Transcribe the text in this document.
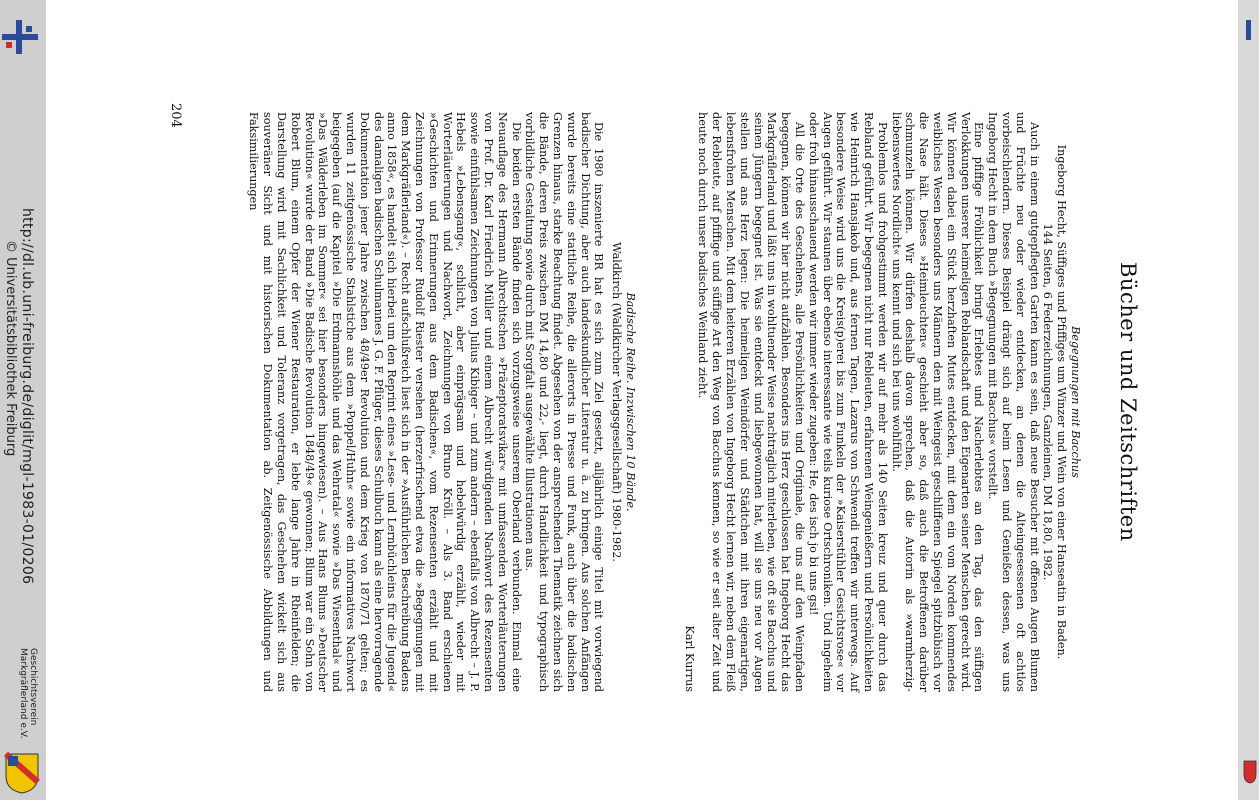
Bücher und Zeitschriften
Begegnungen mit Bacchus
Ingeborg Hecht, Süffiges und Pfiffiges um Winzer und Wein von einer Hanseatin in Baden.
144 Seiten, 6 Federzeichnungen, Ganzleinen, DM 18,80, 1982.

Auch in einem gutgepflegten Garten kann es sein, daß neue Besucher mit offenen Augen Blumen und Früchte neu oder wieder entdecken, an denen die Alteingesessenen oft achtlos vorbeischlendern. Dieses Beispiel drängt sich auf beim Lesen und Genießen dessen, was uns Ingeborg Hecht in dem Buch »Begegnungen mit Bacchus« vorstellt.

Eine pfiffige Fröhlichkeit bringt Erlebtes und Nacherlebtes an den Tag, das den süffigen Verlokkungen unserer heimeligen Reblandschaft und den Eigenarten seiner Menschen gerecht wird. Wir können dabei ein Stück herzhaften Mutes entdecken, mit dem ein vom Norden kommendes weibliches Wesen besonders uns Männern den mit Weingeist geschliffenen Spiegel spitzbübisch vor die Nase hält. Dieses »Heimleuchten« geschieht aber so, daß auch die Betroffenen darüber schmunzeln können. Wir dürfen deshalb davon sprechen, daß die Autorin als »warmherzig-liebenswertes Nordlicht« uns kennt und sich bei uns wohlfühlt.

Problemlos und frohgestimmt werden wir auf mehr als 140 Seiten kreuz und quer durch das Rebland geführt. Wir begegnen nicht nur Rebleuten, erfahrenen Weingenießern und Persönlichkeiten wie Heinrich Hansjakob und, aus fernen Tagen, Lazarus von Schwendi treffen wir unterwegs. Auf besondere Weise wird uns die Kreis(p)erei bis zum Funkeln der »Kaiserstühler Gesichtsrose« vor Augen geführt. Wir staunen über ebenso interessante wie teils kuriose Ortschroniken. Und ingeheim oder froh hinausschauend werden wir immer wieder zugeben: He, des isch jo bi uns gsi!

All die Orte des Geschehens, alle Persönlichkeiten und Originale, die uns auf den Weinpfaden begegnen, können wir hier nicht aufzählen. Besonders ins Herz geschlossen hat Ingeborg Hecht das Markgräflerland und läßt uns in wohltuender Weise nachträglich miterleben, wie oft sie Bacchus und seinen Jüngern begegnet ist. Was sie entdeckt und liebgewonnen hat, will sie uns neu vor Augen stellen und ans Herz legen: Die heimeligen Weindörfer und Städtchen mit ihren eigenartigen, lebensfrohen Menschen. Mit dem heiteren Erzählen von Ingeborg Hecht lernen wir, neben dem Fleiß der Rebleute, auf pfiffige und süffige Art den Weg von Bacchus kennen, so wie er seit alter Zeit und heute noch durch unser badisches Weinland zieht.

Karl Kurrus
Badische Reihe. Inzwischen 10 Bände.
Waldkirch (Waldkircher Verlagsgesellschaft) 1980-1982.

Die 1980 inszenierte BR hat es sich zum Ziel gesetzt, alljährlich einige Titel mit vorwiegend badischer Dichtung, aber auch landeskundlicher Literatur u. ä. zu bringen. Aus solchen Anfängen wurde bereits eine stattliche Reihe, die allerorts in Presse und Funk, auch über die badischen Grenzen hinaus, starke Beachtung findet. Abgesehen von der ansprechenden Thematik zeichnen sich die Bände, deren Preis zwischen DM 14,80 und 22,- liegt, durch Handlichkeit und typographisch vorbildliche Gestaltung sowie durch mit Sorgfalt ausgewählte Illustrationen aus.

Die beiden ersten Bände finden sich vorzugsweise unserem Oberland verbunden. Einmal eine Neuauflage des Hermann Albrechtschen »Präzeptoratsvikar« mit umfassenden Worterläuterungen von Prof. Dr. Karl Friedrich Müller und einem Albrecht würdigenden Nachwort des Rezensenten sowie einfühlsamen Zeichnungen von Julius Kibiger – und zum andern – ebenfalls von Albrecht – J. P. Hebels »Lebensgang«, schlicht, aber einprägsam und hebelwürdig erzählt, wieder mit Worterläuterungen und Nachwort, Zeichnungen von Bruno Kröll. – Als 3. Band erschienen »Geschichten und Erinnerungen aus dem Badischen«, vom Rezensenten erzählt und mit Zeichnungen von Professor Rudolf Riester versehen (herzerfrischend etwa die »Begegnungen mit dem Markgräflerland«). – Recht aufschlußreich liest sich in der »Ausführlichen Beschreibung Badens anno 1858«, es handelt sich hierbei um den Reprint eines »Lese- und Lernbüchleins für die Jugend« des damaligen badischen Schulmannes J. G. F. Pflüger, dieses Schulbuch kann als eine hervorragende Dokumentation jener Jahre zwischen 48/49er Revolution und dem Krieg von 1870/71 gelten; es wurden 11 zeitgenössische Stahlstiche aus dem »Poppel/Huhn« sowie ein informatives Nachwort beigegeben (auf die Kapitel »Die Erdmannshöhle und das Wehratal« sowie »Das Wiesenthal« und »Das Wälderleben im Sommer« sei hier besonders hingewiesen). – Aus Hans Blums »Deutscher Revolution« wurde der Band »Die Badische Revolution 1848/49« gewonnen; Blum war ein Sohn von Robert Blum, einem Opfer der Wiener Restauration, er lebte lange Jahre in Rheinfelden; die Darstellung wird mit Sachlichkeit und Toleranz vorgetragen, das Geschehen wickelt sich aus souveräner Sicht und mit historischen Dokumentation ab. Zeitgenössische Abbildungen und Faksimilierungen

204
http://dl.ub.uni-freiburg.de/diglit/mgl-1983-01/0206
© Universitätsbibliothek Freiburg
Geschichtsverein
Markgräflerland e.V.
